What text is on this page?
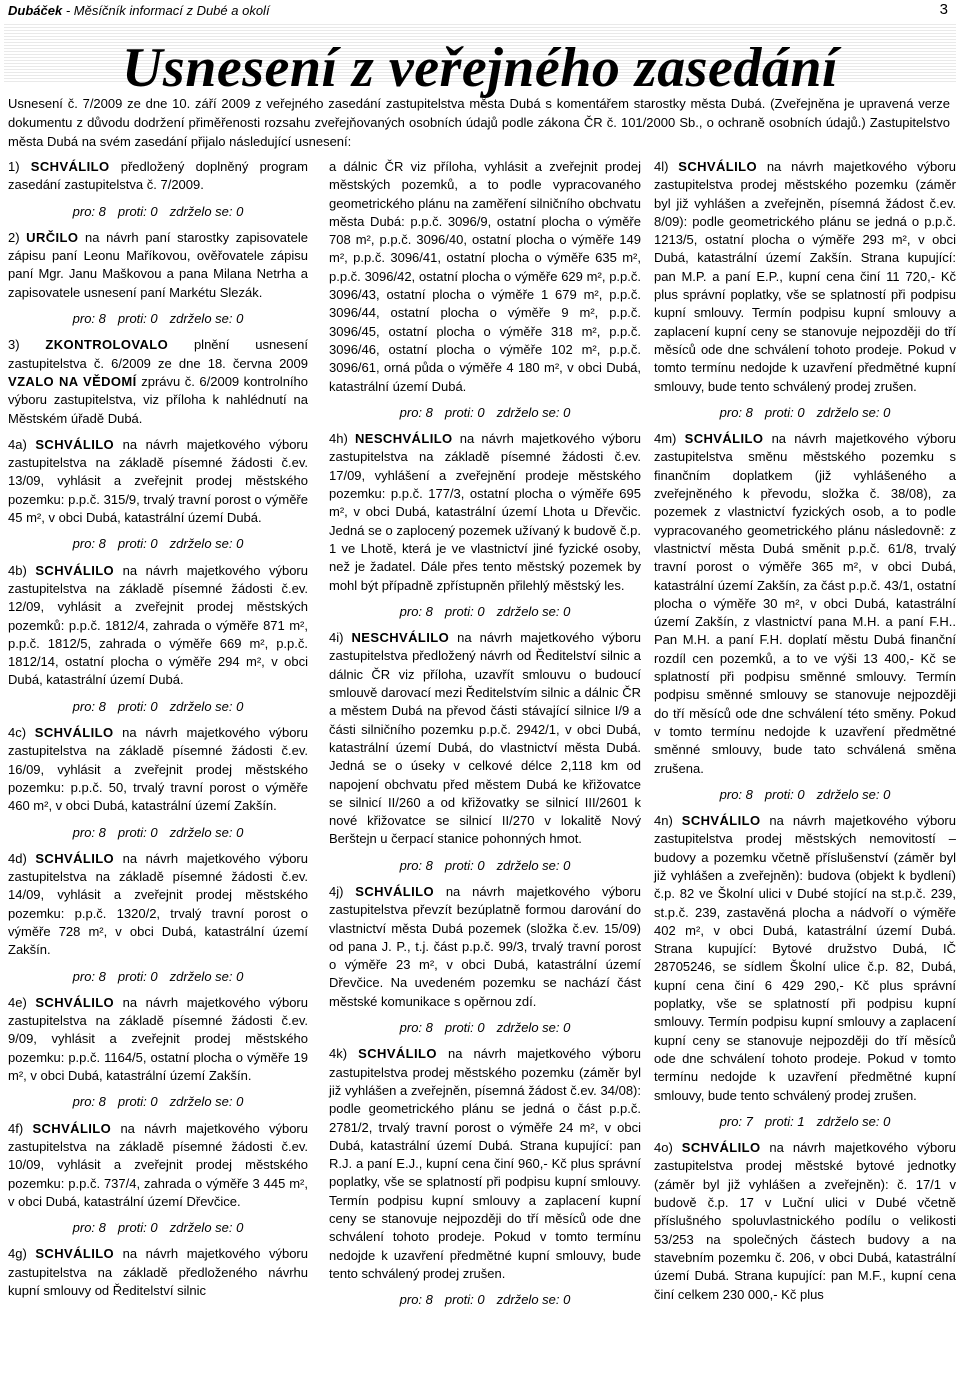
Dubáček - Měsíčník informací z Dubé a okolí	3
Usnesení z veřejného zasedání
Usnesení č. 7/2009 ze dne 10. září 2009 z veřejného zasedání zastupitelstva města Dubá s komentářem starostky města Dubá. (Zveřejněna je upravená verze dokumentu z důvodu dodržení přiměřenosti rozsahu zveřejňovaných osobních údajů podle zákona ČR č. 101/2000 Sb., o ochraně osobních údajů.) Zastupitelstvo města Dubá na svém zasedání přijalo následující usnesení:

1) SCHVÁLILO předložený doplněný program zasedání zastupitelstva č. 7/2009.

pro: 8 proti: 0 zdrželo se: 0

2) URČILO na návrh paní starostky zapisovatele zápisu paní Leonu Maříkovou, ověřovatele zápisu paní Mgr. Janu Maškovou a pana Milana Netrha a zapisovatele usnesení paní Markétu Slezák.

pro: 8 proti: 0 zdrželo se: 0

3) ZKONTROLOVALO plnění usnesení zastupitelstva č. 6/2009 ze dne 18. června 2009 VZALO NA VĚDOMÍ zprávu č. 6/2009 kontrolního výboru zastupitelstva, viz příloha k nahlédnutí na Městském úřadě Dubá.

4a) SCHVÁLILO na návrh majetkového výboru zastupitelstva na základě písemné žádosti č.ev. 13/09, vyhlásit a zveřejnit prodej městského pozemku: p.p.č. 315/9, trvalý travní porost o výměře 45 m², v obci Dubá, katastrální území Dubá.

pro: 8 proti: 0 zdrželo se: 0

4b) SCHVÁLILO na návrh majetkového výboru zastupitelstva na základě písemné žádosti č.ev. 12/09, vyhlásit a zveřejnit prodej městských pozemků: p.p.č. 1812/4, zahrada o výměře 871 m², p.p.č. 1812/5, zahrada o výměře 669 m², p.p.č. 1812/14, ostatní plocha o výměře 294 m², v obci Dubá, katastrální území Dubá.

pro: 8 proti: 0 zdrželo se: 0

4c) SCHVÁLILO na návrh majetkového výboru zastupitelstva na základě písemné žádosti č.ev. 16/09, vyhlásit a zveřejnit prodej městského pozemku: p.p.č. 50, trvalý travní porost o výměře 460 m², v obci Dubá, katastrální území Zakšín.

pro: 8 proti: 0 zdrželo se: 0

4d) SCHVÁLILO na návrh majetkového výboru zastupitelstva na základě písemné žádosti č.ev. 14/09, vyhlásit a zveřejnit prodej městského pozemku: p.p.č. 1320/2, trvalý travní porost o výměře 728 m², v obci Dubá, katastrální území Zakšín.

pro: 8 proti: 0 zdrželo se: 0

4e) SCHVÁLILO na návrh majetkového výboru zastupitelstva na základě písemné žádosti č.ev. 9/09, vyhlásit a zveřejnit prodej městského pozemku: p.p.č. 1164/5, ostatní plocha o výměře 19 m², v obci Dubá, katastrální území Zakšín.

pro: 8 proti: 0 zdrželo se: 0

4f) SCHVÁLILO na návrh majetkového výboru zastupitelstva na základě písemné žádosti č.ev. 10/09, vyhlásit a zveřejnit prodej městského pozemku: p.p.č. 737/4, zahrada o výměře 3 445 m², v obci Dubá, katastrální území Dřevčice.

pro: 8 proti: 0 zdrželo se: 0

4g) SCHVÁLILO na návrh majetkového výboru zastupitelstva na základě předloženého návrhu kupní smlouvy od Ředitelství silnic

a dálnic ČR viz příloha, vyhlásit a zveřejnit prodej městských pozemků, a to podle vypracovaného geometrického plánu na zaměření silničního obchvatu města Dubá: p.p.č. 3096/9, ostatní plocha o výměře 708 m², p.p.č. 3096/40, ostatní plocha o výměře 149 m², p.p.č. 3096/41, ostatní plocha o výměře 635 m², p.p.č. 3096/42, ostatní plocha o výměře 629 m², p.p.č. 3096/43, ostatní plocha o výměře 1 679 m², p.p.č. 3096/44, ostatní plocha o výměře 9 m², p.p.č. 3096/45, ostatní plocha o výměře 318 m², p.p.č. 3096/46, ostatní plocha o výměře 102 m², p.p.č. 3096/61, orná půda o výměře 4 180 m², v obci Dubá, katastrální území Dubá.

pro: 8 proti: 0 zdrželo se: 0

4h) NESCHVÁLILO na návrh majetkového výboru zastupitelstva na základě písemné žádosti č.ev. 17/09, vyhlášení a zveřejnění prodeje městského pozemku: p.p.č. 177/3, ostatní plocha o výměře 695 m², v obci Dubá, katastrální území Lhota u Dřevčic. Jedná se o zaplocený pozemek užívaný k budově č.p. 1 ve Lhotě, která je ve vlastnictví jiné fyzické osoby, než je žadatel. Dále přes tento městský pozemek by mohl být případně zpřístupněn přilehlý městský les.

pro: 8 proti: 0 zdrželo se: 0

4i) NESCHVÁLILO na návrh majetkového výboru zastupitelstva předložený návrh od Ředitelství silnic a dálnic ČR viz příloha, uzavřít smlouvu o budoucí smlouvě darovací mezi Ředitelstvím silnic a dálnic ČR a městem Dubá na převod části stávající silnice I/9 a části silničního pozemku p.p.č. 2942/1, v obci Dubá, katastrální území Dubá, do vlastnictví města Dubá. Jedná se o úseky v celkové délce 2,118 km od napojení obchvatu před městem Dubá ke křižovatce se silnicí II/260 a od křižovatky se silnicí III/2601 k nové křižovatce se silnicí II/270 v lokalitě Nový Berštejn u čerpací stanice pohonných hmot.

pro: 8 proti: 0 zdrželo se: 0

4j) SCHVÁLILO na návrh majetkového výboru zastupitelstva převzít bezúplatně formou darování do vlastnictví města Dubá pozemek (složka č.ev. 15/09) od pana J. P., t.j. část p.p.č. 99/3, trvalý travní porost o výměře 23 m², v obci Dubá, katastrální území Dřevčice. Na uvedeném pozemku se nachází část městské komunikace s opěrnou zdí.

pro: 8 proti: 0 zdrželo se: 0

4k) SCHVÁLILO na návrh majetkového výboru zastupitelstva prodej městského pozemku (záměr byl již vyhlášen a zveřejněn, písemná žádost č.ev. 34/08): podle geometrického plánu se jedná o část p.p.č. 2781/2, trvalý travní porost o výměře 24 m², v obci Dubá, katastrální území Dubá. Strana kupující: pan R.J. a paní E.J., kupní cena činí 960,- Kč plus správní poplatky, vše se splatností při podpisu kupní smlouvy. Termín podpisu kupní smlouvy a zaplacení kupní ceny se stanovuje nejpozději do tří měsíců ode dne schválení tohoto prodeje. Pokud v tomto termínu nedojde k uzavření předmětné kupní smlouvy, bude tento schválený prodej zrušen.

pro: 8 proti: 0 zdrželo se: 0

4l) SCHVÁLILO na návrh majetkového výboru zastupitelstva prodej městského pozemku (záměr byl již vyhlášen a zveřejněn, písemná žádost č.ev. 8/09): podle geometrického plánu se jedná o p.p.č. 1213/5, ostatní plocha o výměře 293 m², v obci Dubá, katastrální území Zakšín. Strana kupující: pan M.P. a paní E.P., kupní cena činí 11 720,- Kč plus správní poplatky, vše se splatností při podpisu kupní smlouvy. Termín podpisu kupní smlouvy a zaplacení kupní ceny se stanovuje nejpozději do tří měsíců ode dne schválení tohoto prodeje. Pokud v tomto termínu nedojde k uzavření předmětné kupní smlouvy, bude tento schválený prodej zrušen.

pro: 8 proti: 0 zdrželo se: 0

4m) SCHVÁLILO na návrh majetkového výboru zastupitelstva směnu městského pozemku s finančním doplatkem (již vyhlášeného a zveřejněného k převodu, složka č. 38/08), za pozemek z vlastnictví fyzických osob, a to podle vypracovaného geometrického plánu následovně: z vlastnictví města Dubá směnit p.p.č. 61/8, trvalý travní porost o výměře 365 m², v obci Dubá, katastrální území Zakšín, za část p.p.č. 43/1, ostatní plocha o výměře 30 m², v obci Dubá, katastrální území Zakšín, z vlastnictví pana M.H. a paní F.H.. Pan M.H. a paní F.H. doplatí městu Dubá finanční rozdíl cen pozemků, a to ve výši 13 400,- Kč se splatností při podpisu směnné smlouvy. Termín podpisu směnné smlouvy se stanovuje nejpozději do tří měsíců ode dne schválení této směny. Pokud v tomto termínu nedojde k uzavření předmětné směnné smlouvy, bude tato schválená směna zrušena.

pro: 8 proti: 0 zdrželo se: 0

4n) SCHVÁLILO na návrh majetkového výboru zastupitelstva prodej městských nemovitostí – budovy a pozemku včetně příslušenství (záměr byl již vyhlášen a zveřejněn): budova (objekt k bydlení) č.p. 82 ve Školní ulici v Dubé stojící na st.p.č. 239, st.p.č. 239, zastavěná plocha a nádvoří o výměře 402 m², v obci Dubá, katastrální území Dubá. Strana kupující: Bytové družstvo Dubá, IČ 28705246, se sídlem Školní ulice č.p. 82, Dubá, kupní cena činí 6 429 290,- Kč plus správní poplatky, vše se splatností při podpisu kupní smlouvy. Termín podpisu kupní smlouvy a zaplacení kupní ceny se stanovuje nejpozději do tří měsíců ode dne schválení tohoto prodeje. Pokud v tomto termínu nedojde k uzavření předmětné kupní smlouvy, bude tento schválený prodej zrušen.

pro: 7 proti: 1 zdrželo se: 0

4o) SCHVÁLILO na návrh majetkového výboru zastupitelstva prodej městské bytové jednotky (záměr byl již vyhlášen a zveřejněn): č. 17/1 v budově č.p. 17 v Luční ulici v Dubé včetně příslušného spoluvlastnického podílu o velikosti 53/253 na společných částech budovy a na stavebním pozemku č. 206, v obci Dubá, katastrální území Dubá. Strana kupující: pan M.F., kupní cena činí celkem 230 000,- Kč plus
